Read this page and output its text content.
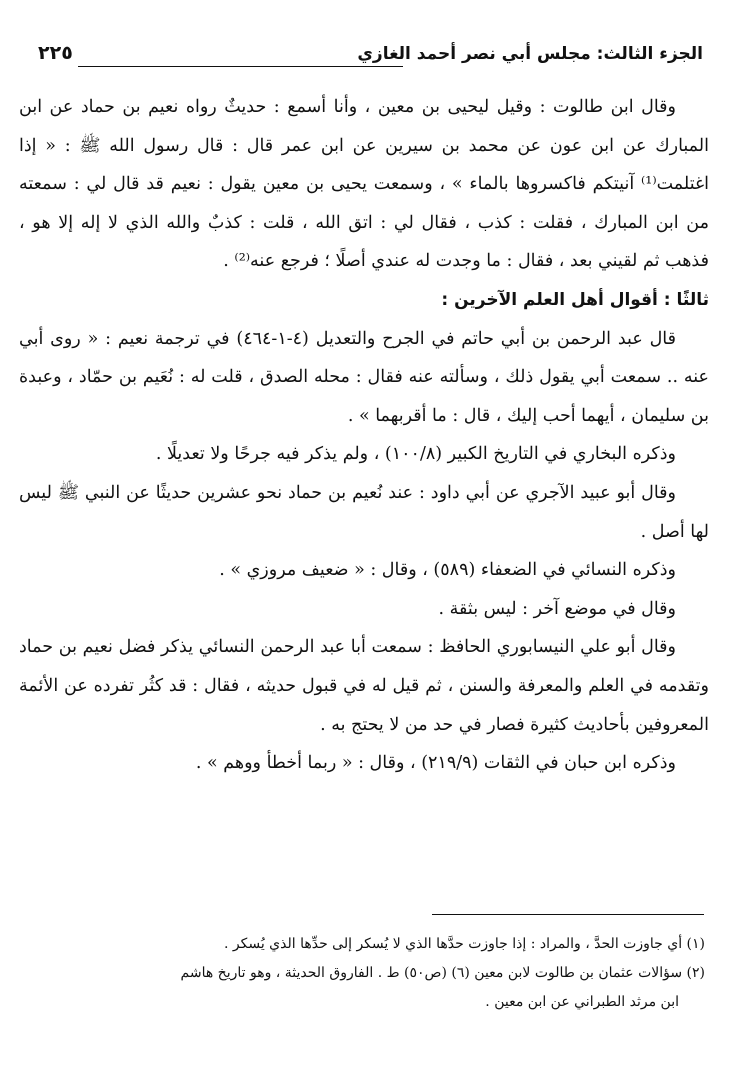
الجزء الثالث: مجلس أبي نصر أحمد الغازي
٢٢٥

وقال ابن طالوت : وقيل ليحيى بن معين ، وأنا أسمع : حديثٌ رواه نعيم بن حماد عن ابن المبارك عن ابن عون عن محمد بن سيرين عن ابن عمر قال : قال رسول الله ﷺ : « إذا اغتلمت⁽¹⁾ آنيتكم فاكسروها بالماء » ، وسمعت يحيى بن معين يقول : نعيم قد قال لي : سمعته من ابن المبارك ، فقلت : كذب ، فقال لي : اتق الله ، قلت : كذبٌ والله الذي لا إله إلا هو ، فذهب ثم لقيني بعد ، فقال : ما وجدت له عندي أصلًا ؛ فرجع عنه⁽²⁾ .

ثالثًا : أقوال أهل العلم الآخرين :

قال عبد الرحمن بن أبي حاتم في الجرح والتعديل (٤-١-٤٦٤) في ترجمة نعيم : « روى أبي عنه .. سمعت أبي يقول ذلك ، وسألته عنه فقال : محله الصدق ، قلت له : نُعَيم بن حمّاد ، وعبدة بن سليمان ، أيهما أحب إليك ، قال : ما أقربهما » .

وذكره البخاري في التاريخ الكبير (١٠٠/٨) ، ولم يذكر فيه جرحًا ولا تعديلًا .

وقال أبو عبيد الآجري عن أبي داود : عند نُعيم بن حماد نحو عشرين حديثًا عن النبي ﷺ ليس لها أصل .

وذكره النسائي في الضعفاء (٥٨٩) ، وقال : « ضعيف مروزي » .

وقال في موضع آخر : ليس بثقة .

وقال أبو علي النيسابوري الحافظ : سمعت أبا عبد الرحمن النسائي يذكر فضل نعيم بن حماد وتقدمه في العلم والمعرفة والسنن ، ثم قيل له في قبول حديثه ، فقال : قد كثُر تفرده عن الأئمة المعروفين بأحاديث كثيرة فصار في حد من لا يحتج به .

وذكره ابن حبان في الثقات (٢١٩/٩) ، وقال : « ربما أخطأ ووهم » .

(١) أي جاوزت الحدَّ ، والمراد : إذا جاوزت حدَّها الذي لا يُسكر إلى حدِّها الذي يُسكر .

(٢) سؤالات عثمان بن طالوت لابن معين (٦) (ص٥٠) ط . الفاروق الحديثة ، وهو تاريخ هاشم

ابن مرثد الطبراني عن ابن معين .
